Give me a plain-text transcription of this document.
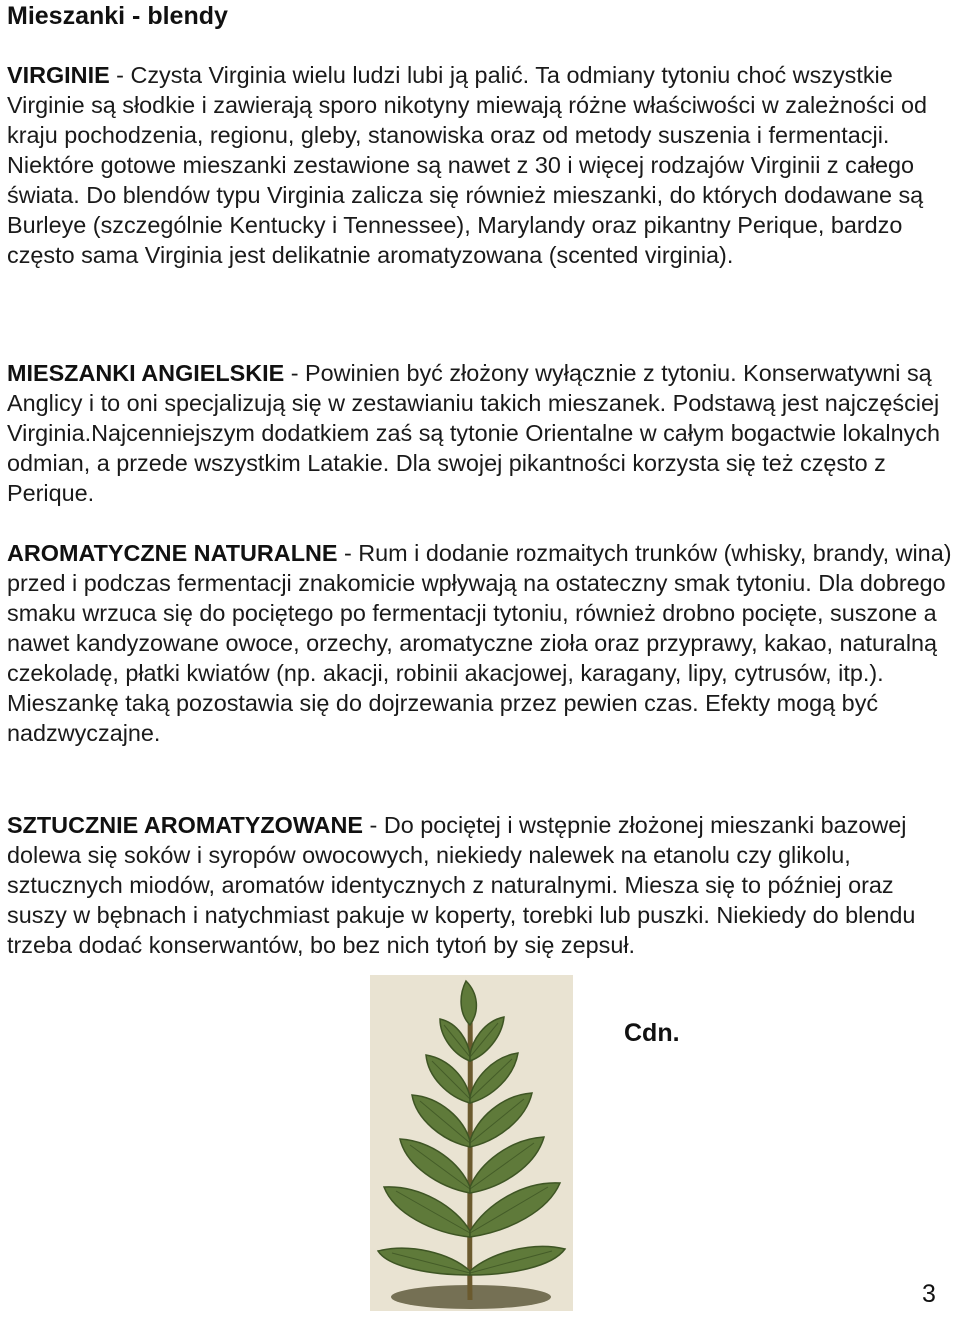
Mieszanki - blendy

VIRGINIE - Czysta Virginia wielu ludzi lubi ją palić. Ta odmiany tytoniu choć wszystkie Virginie są słodkie i zawierają sporo nikotyny miewają różne właściwości w zależności od kraju pochodzenia, regionu, gleby, stanowiska oraz od metody suszenia i fermentacji. Niektóre gotowe mieszanki zestawione są nawet z 30 i więcej rodzajów Virginii z całego świata. Do blendów typu Virginia zalicza się również mieszanki, do których dodawane są Burleye (szczególnie Kentucky i Tennessee), Marylandy oraz pikantny Perique, bardzo często sama Virginia jest delikatnie aromatyzowana (scented virginia).

MIESZANKI ANGIELSKIE - Powinien być złożony wyłącznie z tytoniu. Konserwatywni są Anglicy i to oni specjalizują się w zestawianiu takich mieszanek. Podstawą jest najczęściej Virginia.Najcenniejszym dodatkiem zaś są tytonie Orientalne w całym bogactwie lokalnych odmian, a przede wszystkim Latakie. Dla swojej pikantności korzysta się też często z Perique.

AROMATYCZNE NATURALNE - Rum i dodanie rozmaitych trunków (whisky, brandy, wina) przed i podczas fermentacji znakomicie wpływają na ostateczny smak tytoniu. Dla dobrego smaku wrzuca się do pociętego po fermentacji tytoniu, również drobno pocięte, suszone a nawet kandyzowane owoce, orzechy, aromatyczne zioła oraz przyprawy, kakao, naturalną czekoladę, płatki kwiatów (np. akacji, robinii akacjowej, karagany, lipy, cytrusów, itp.). Mieszankę taką pozostawia się do dojrzewania przez pewien czas. Efekty mogą być nadzwyczajne.

SZTUCZNIE AROMATYZOWANE - Do pociętej i wstępnie złożonej mieszanki bazowej dolewa się soków i syropów owocowych, niekiedy nalewek na etanolu czy glikolu, sztucznych miodów, aromatów identycznych z naturalnymi. Miesza się to później oraz suszy w bębnach i natychmiast pakuje w koperty, torebki lub puszki. Niekiedy do blendu trzeba dodać konserwantów, bo bez nich tytoń by się zepsuł.

Cdn.
3
